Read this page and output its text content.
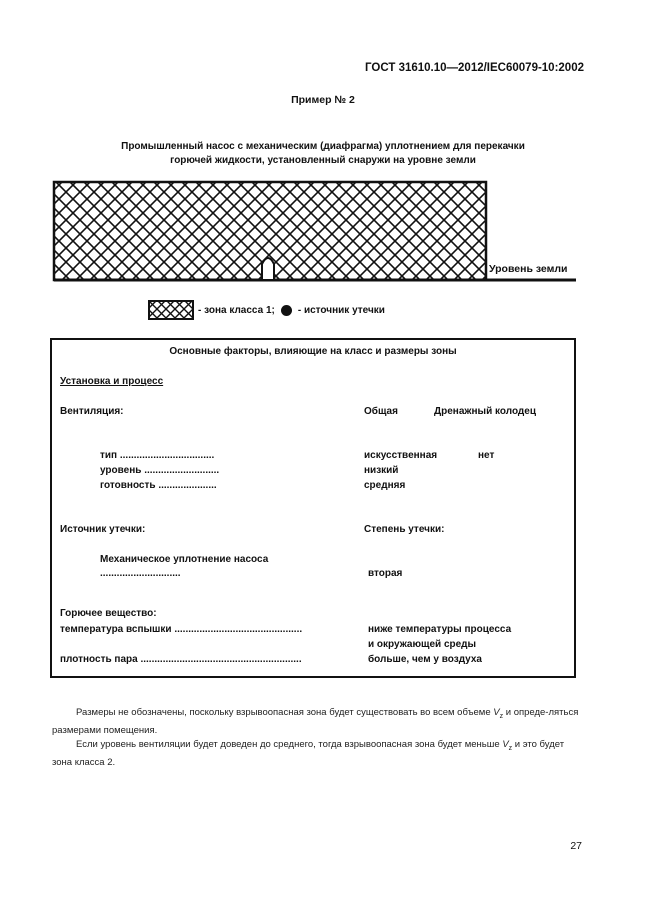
ГОСТ 31610.10—2012/IEC60079-10:2002
Пример № 2
Промышленный насос с механическим (диафрагма) уплотнением для перекачки
горючей жидкости, установленный снаружи на уровне земли
Уровень земли
- зона класса 1; - источник утечки
Основные факторы, влияющие на класс и размеры зоны
Установка и процесс
Вентиляция:	Общая	Дренажный колодец
тип ..................................	искусственная	нет
уровень ...........................	низкий
готовность .....................	средняя
Источник утечки:	Степень утечки:
Механическое уплотнение насоса
.............................	вторая
Горючее вещество:
температура вспышки ..............................................	ниже температуры процесса
и окружающей среды
плотность пара ..........................................................	больше, чем у воздуха

Размеры не обозначены, поскольку взрывоопасная зона будет существовать во всем объеме $V_z$ и опреде-ляться размерами помещения.

Если уровень вентиляции будет доведен до среднего, тогда взрывоопасная зона будет меньше $V_z$ и это будет зона класса 2.

27
